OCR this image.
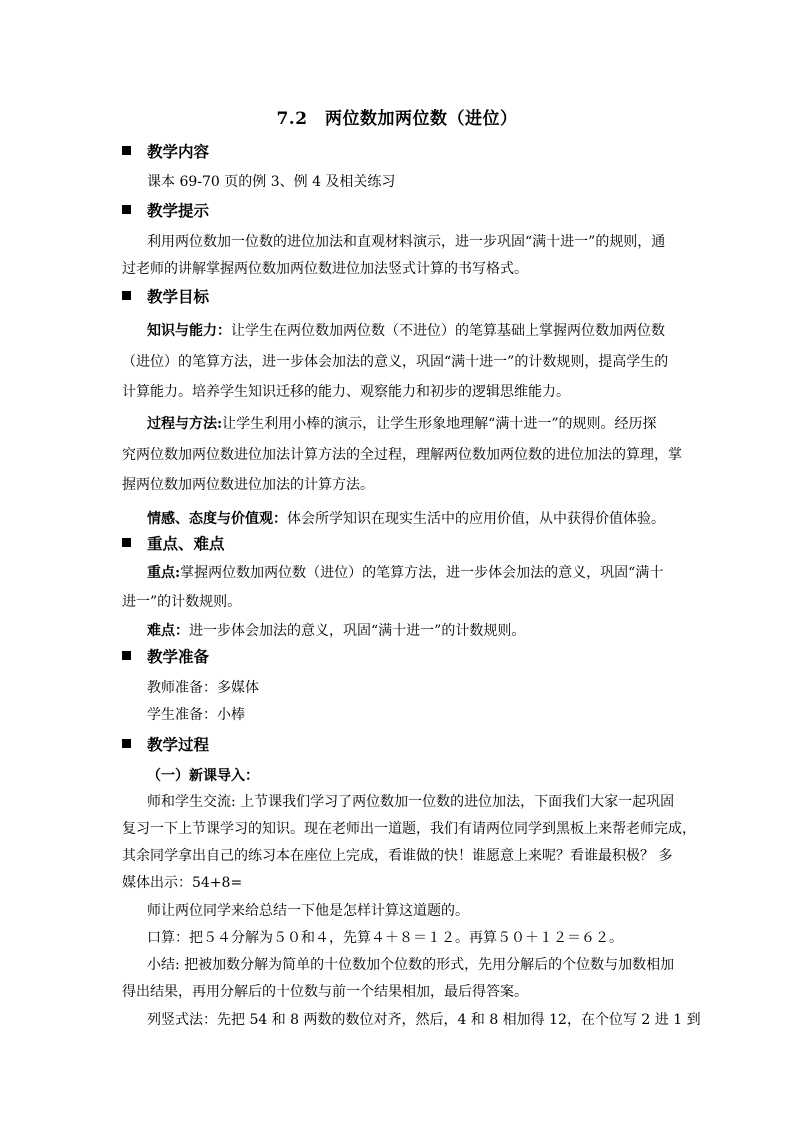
7.2　两位数加两位数（进位）
教学内容
课本 69-70 页的例 3、例 4 及相关练习
教学提示
利用两位数加一位数的进位加法和直观材料演示，进一步巩固“满十进一”的规则，通
过老师的讲解掌握两位数加两位数进位加法竖式计算的书写格式。
教学目标
知识与能力：让学生在两位数加两位数（不进位）的笔算基础上掌握两位数加两位数
（进位）的笔算方法，进一步体会加法的意义，巩固“满十进一”的计数规则，提高学生的
计算能力。培养学生知识迁移的能力、观察能力和初步的逻辑思维能力。
过程与方法:让学生利用小棒的演示，让学生形象地理解“满十进一”的规则。经历探
究两位数加两位数进位加法计算方法的全过程，理解两位数加两位数的进位加法的算理，掌
握两位数加两位数进位加法的计算方法。
情感、态度与价值观：体会所学知识在现实生活中的应用价值，从中获得价值体验。
重点、难点
重点:掌握两位数加两位数（进位）的笔算方法，进一步体会加法的意义，巩固“满十
进一”的计数规则。
难点：进一步体会加法的意义，巩固“满十进一”的计数规则。
教学准备
教师准备：多媒体
学生准备：小棒
教学过程
（一）新课导入：
师和学生交流: 上节课我们学习了两位数加一位数的进位加法，下面我们大家一起巩固
复习一下上节课学习的知识。现在老师出一道题，我们有请两位同学到黑板上来帮老师完成，
其余同学拿出自己的练习本在座位上完成，看谁做的快！谁愿意上来呢？看谁最积极？ 多
媒体出示：54+8=
师让两位同学来给总结一下他是怎样计算这道题的。
口算：把５４分解为５０和４，先算４＋８＝１２。再算５０＋１２＝６２。
小结: 把被加数分解为简单的十位数加个位数的形式，先用分解后的个位数与加数相加
得出结果，再用分解后的十位数与前一个结果相加，最后得答案。
列竖式法：先把 54 和 8 两数的数位对齐，然后，4 和 8 相加得 12，在个位写 2 进 1 到
